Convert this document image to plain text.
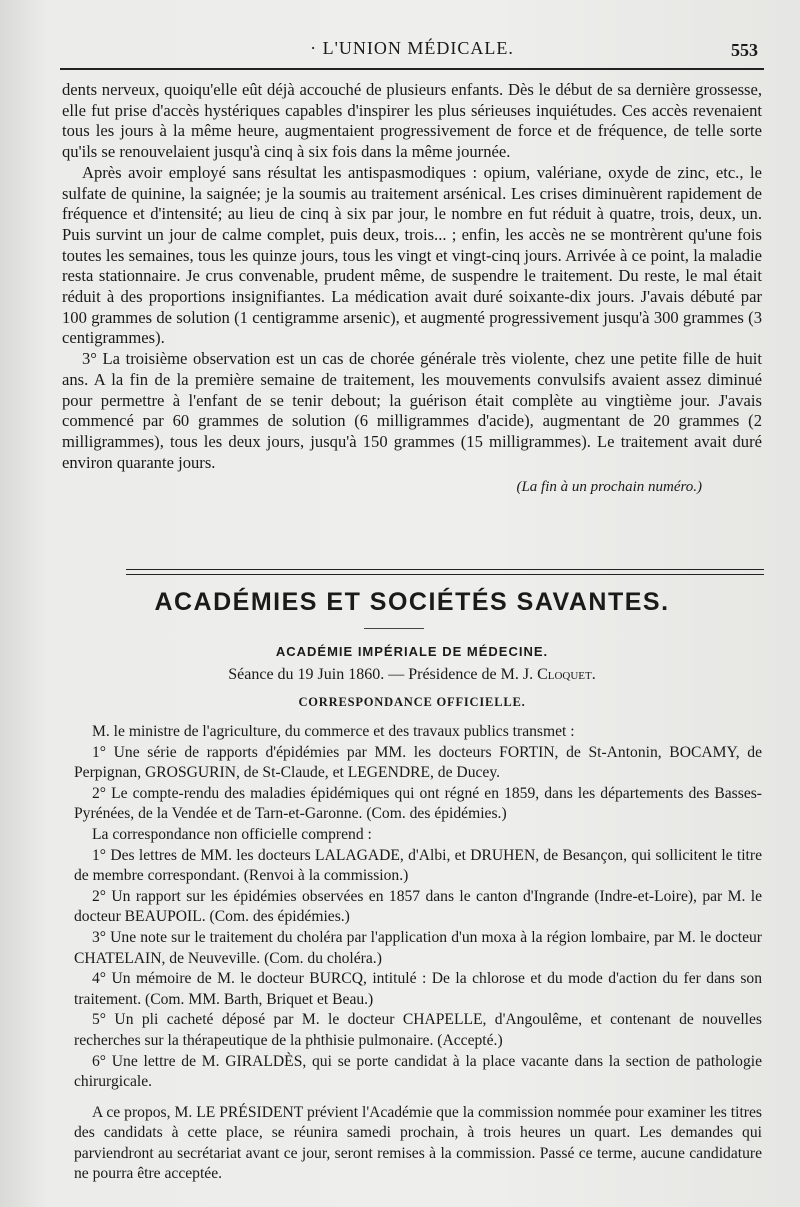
· L'UNION MÉDICALE.	553

dents nerveux, quoiqu'elle eût déjà accouché de plusieurs enfants. Dès le début de sa dernière grossesse, elle fut prise d'accès hystériques capables d'inspirer les plus sérieuses inquiétudes. Ces accès revenaient tous les jours à la même heure, augmentaient progressivement de force et de fréquence, de telle sorte qu'ils se renouvelaient jusqu'à cinq à six fois dans la même journée.

Après avoir employé sans résultat les antispasmodiques : opium, valériane, oxyde de zinc, etc., le sulfate de quinine, la saignée; je la soumis au traitement arsénical. Les crises diminuèrent rapidement de fréquence et d'intensité; au lieu de cinq à six par jour, le nombre en fut réduit à quatre, trois, deux, un. Puis survint un jour de calme complet, puis deux, trois... ; enfin, les accès ne se montrèrent qu'une fois toutes les semaines, tous les quinze jours, tous les vingt et vingt-cinq jours. Arrivée à ce point, la maladie resta stationnaire. Je crus convenable, prudent même, de suspendre le traitement. Du reste, le mal était réduit à des proportions insignifiantes. La médication avait duré soixante-dix jours. J'avais débuté par 100 grammes de solution (1 centigramme arsenic), et augmenté progressivement jusqu'à 300 grammes (3 centigrammes).

3° La troisième observation est un cas de chorée générale très violente, chez une petite fille de huit ans. A la fin de la première semaine de traitement, les mouvements convulsifs avaient assez diminué pour permettre à l'enfant de se tenir debout; la guérison était complète au vingtième jour. J'avais commencé par 60 grammes de solution (6 milligrammes d'acide), augmentant de 20 grammes (2 milligrammes), tous les deux jours, jusqu'à 150 grammes (15 milligrammes). Le traitement avait duré environ quarante jours.

(La fin à un prochain numéro.)

ACADÉMIES ET SOCIÉTÉS SAVANTES.
ACADÉMIE IMPÉRIALE DE MÉDECINE.
Séance du 19 Juin 1860. — Présidence de M. J. Cloquet.
CORRESPONDANCE OFFICIELLE.

M. le ministre de l'agriculture, du commerce et des travaux publics transmet :

1° Une série de rapports d'épidémies par MM. les docteurs FORTIN, de St-Antonin, BOCAMY, de Perpignan, GROSGURIN, de St-Claude, et LEGENDRE, de Ducey.

2° Le compte-rendu des maladies épidémiques qui ont régné en 1859, dans les départements des Basses-Pyrénées, de la Vendée et de Tarn-et-Garonne. (Com. des épidémies.)

La correspondance non officielle comprend :

1° Des lettres de MM. les docteurs LALAGADE, d'Albi, et DRUHEN, de Besançon, qui sollicitent le titre de membre correspondant. (Renvoi à la commission.)

2° Un rapport sur les épidémies observées en 1857 dans le canton d'Ingrande (Indre-et-Loire), par M. le docteur BEAUPOIL. (Com. des épidémies.)

3° Une note sur le traitement du choléra par l'application d'un moxa à la région lombaire, par M. le docteur CHATELAIN, de Neuveville. (Com. du choléra.)

4° Un mémoire de M. le docteur BURCQ, intitulé : De la chlorose et du mode d'action du fer dans son traitement. (Com. MM. Barth, Briquet et Beau.)

5° Un pli cacheté déposé par M. le docteur CHAPELLE, d'Angoulême, et contenant de nouvelles recherches sur la thérapeutique de la phthisie pulmonaire. (Accepté.)

6° Une lettre de M. GIRALDÈS, qui se porte candidat à la place vacante dans la section de pathologie chirurgicale.

A ce propos, M. LE PRÉSIDENT prévient l'Académie que la commission nommée pour examiner les titres des candidats à cette place, se réunira samedi prochain, à trois heures un quart. Les demandes qui parviendront au secrétariat avant ce jour, seront remises à la commission. Passé ce terme, aucune candidature ne pourra être acceptée.
